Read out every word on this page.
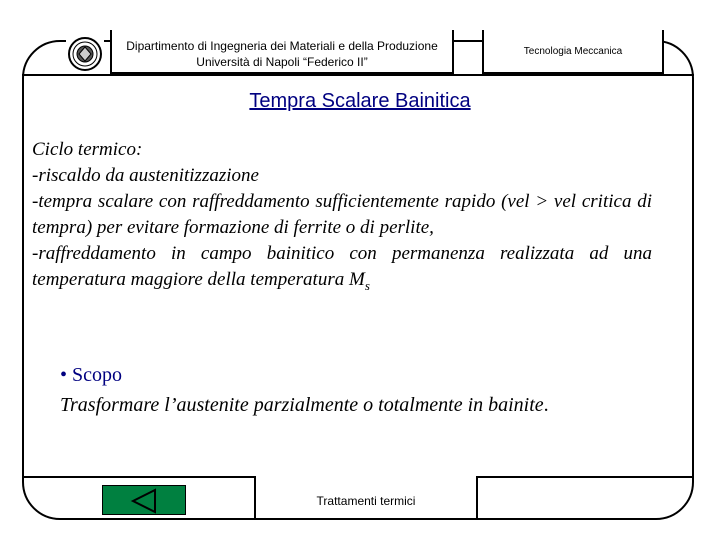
Dipartimento di Ingegneria dei Materiali e della Produzione
Università di Napoli “Federico II”
Tecnologia Meccanica
Tempra Scalare Bainitica

Ciclo termico:

-riscaldo da austenitizzazione

-tempra scalare con raffreddamento sufficientemente rapido (vel > vel critica di tempra) per evitare formazione di ferrite o di perlite,

-raffreddamento in campo bainitico con permanenza realizzata ad una temperatura maggiore della temperatura $M_s$

• Scopo
Trasformare l’austenite parzialmente o totalmente in bainite.
Trattamenti termici
